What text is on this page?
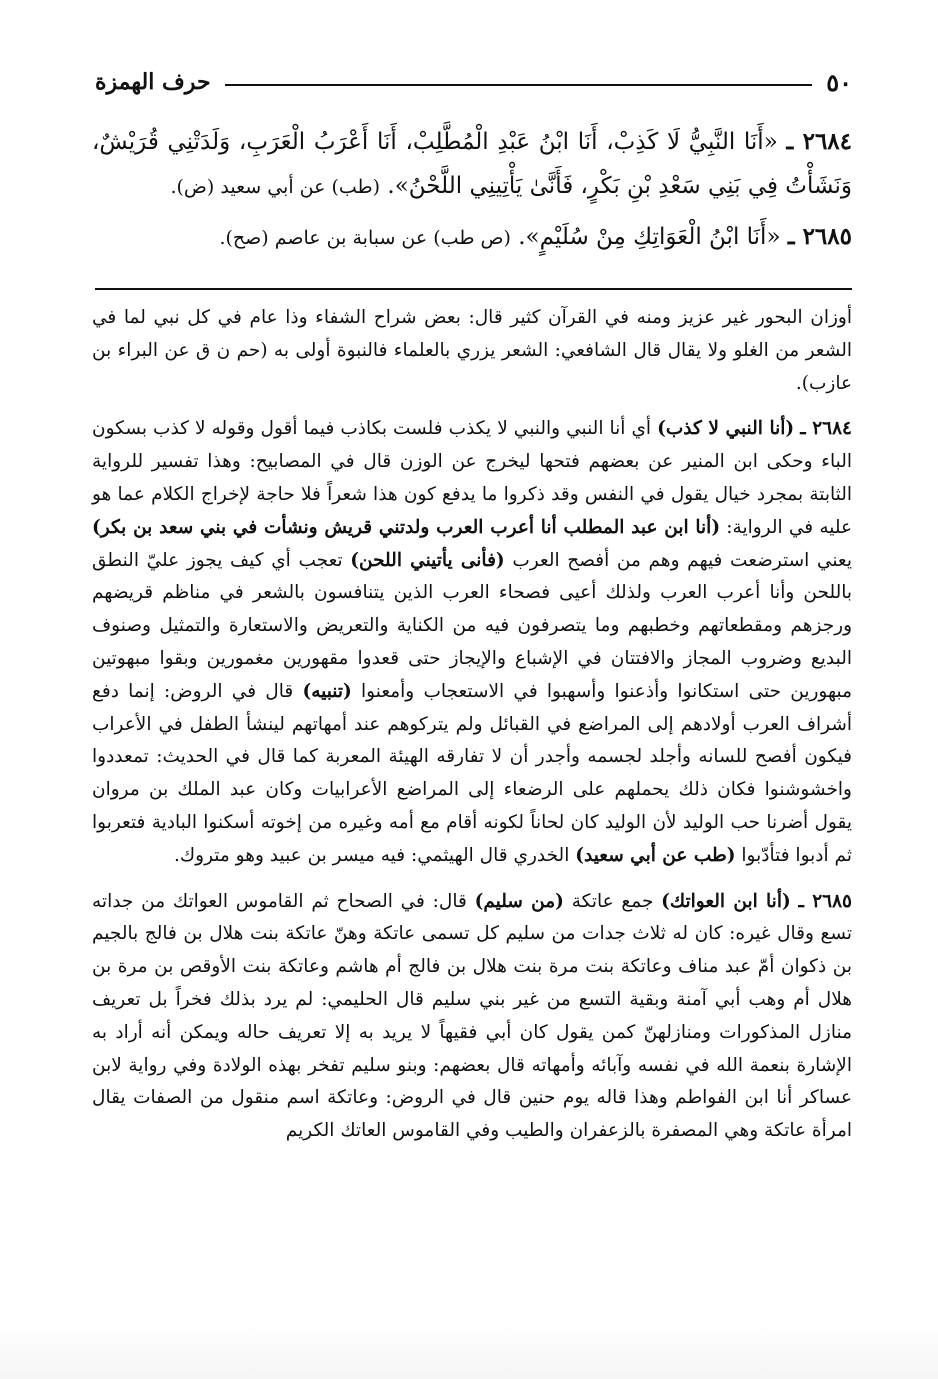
٥٠
حرف الهمزة

٢٦٨٤ ـ «أَنَا النَّبِيُّ لَا كَذِبْ، أَنَا ابْنُ عَبْدِ الْمُطَّلِبْ، أَنَا أَعْرَبُ الْعَرَبِ، وَلَدَتْنِي قُرَيْشٌ، وَنَشَأْتُ فِي بَنِي سَعْدِ بْنِ بَكْرٍ، فَأَنَّىٰ يَأْتِينِي اللَّحْنُ». (طب) عن أبي سعيد (ض).

٢٦٨٥ ـ «أَنَا ابْنُ الْعَوَاتِكِ مِنْ سُلَيْمٍ». (ص طب) عن سبابة بن عاصم (صح).

أوزان البحور غير عزيز ومنه في القرآن كثير قال: بعض شراح الشفاء وذا عام في كل نبي لما في الشعر من الغلو ولا يقال قال الشافعي: الشعر يزري بالعلماء فالنبوة أولى به (حم ن ق عن البراء بن عازب).

٢٦٨٤ ـ (أنا النبي لا كذب) أي أنا النبي والنبي لا يكذب فلست بكاذب فيما أقول وقوله لا كذب بسكون الباء وحكى ابن المنير عن بعضهم فتحها ليخرج عن الوزن قال في المصابيح: وهذا تفسير للرواية الثابتة بمجرد خيال يقول في النفس وقد ذكروا ما يدفع كون هذا شعراً فلا حاجة لإخراج الكلام عما هو عليه في الرواية: (أنا ابن عبد المطلب أنا أعرب العرب ولدتني قريش ونشأت في بني سعد بن بكر) يعني استرضعت فيهم وهم من أفصح العرب (فأنى يأتيني اللحن) تعجب أي كيف يجوز عليّ النطق باللحن وأنا أعرب العرب ولذلك أعيى فصحاء العرب الذين يتنافسون بالشعر في مناظم قريضهم ورجزهم ومقطعاتهم وخطبهم وما يتصرفون فيه من الكناية والتعريض والاستعارة والتمثيل وصنوف البديع وضروب المجاز والافتتان في الإشباع والإيجاز حتى قعدوا مقهورين مغمورين وبقوا مبهوتين مبهورين حتى استكانوا وأذعنوا وأسهبوا في الاستعجاب وأمعنوا (تنبيه) قال في الروض: إنما دفع أشراف العرب أولادهم إلى المراضع في القبائل ولم يتركوهم عند أمهاتهم لينشأ الطفل في الأعراب فيكون أفصح للسانه وأجلد لجسمه وأجدر أن لا تفارقه الهيئة المعربة كما قال في الحديث: تمعددوا واخشوشنوا فكان ذلك يحملهم على الرضعاء إلى المراضع الأعرابيات وكان عبد الملك بن مروان يقول أضرنا حب الوليد لأن الوليد كان لحاناً لكونه أقام مع أمه وغيره من إخوته أسكنوا البادية فتعربوا ثم أدبوا فتأدّبوا (طب عن أبي سعيد) الخدري قال الهيثمي: فيه ميسر بن عبيد وهو متروك.

٢٦٨٥ ـ (أنا ابن العواتك) جمع عاتكة (من سليم) قال: في الصحاح ثم القاموس العواتك من جداته تسع وقال غيره: كان له ثلاث جدات من سليم كل تسمى عاتكة وهنّ عاتكة بنت هلال بن فالج بالجيم بن ذكوان أمّ عبد مناف وعاتكة بنت مرة بنت هلال بن فالج أم هاشم وعاتكة بنت الأوقص بن مرة بن هلال أم وهب أبي آمنة وبقية التسع من غير بني سليم قال الحليمي: لم يرد بذلك فخراً بل تعريف منازل المذكورات ومنازلهنّ كمن يقول كان أبي فقيهاً لا يريد به إلا تعريف حاله ويمكن أنه أراد به الإشارة بنعمة الله في نفسه وآبائه وأمهاته قال بعضهم: وبنو سليم تفخر بهذه الولادة وفي رواية لابن عساكر أنا ابن الفواطم وهذا قاله يوم حنين قال في الروض: وعاتكة اسم منقول من الصفات يقال امرأة عاتكة وهي المصفرة بالزعفران والطيب وفي القاموس العاتك الكريم
